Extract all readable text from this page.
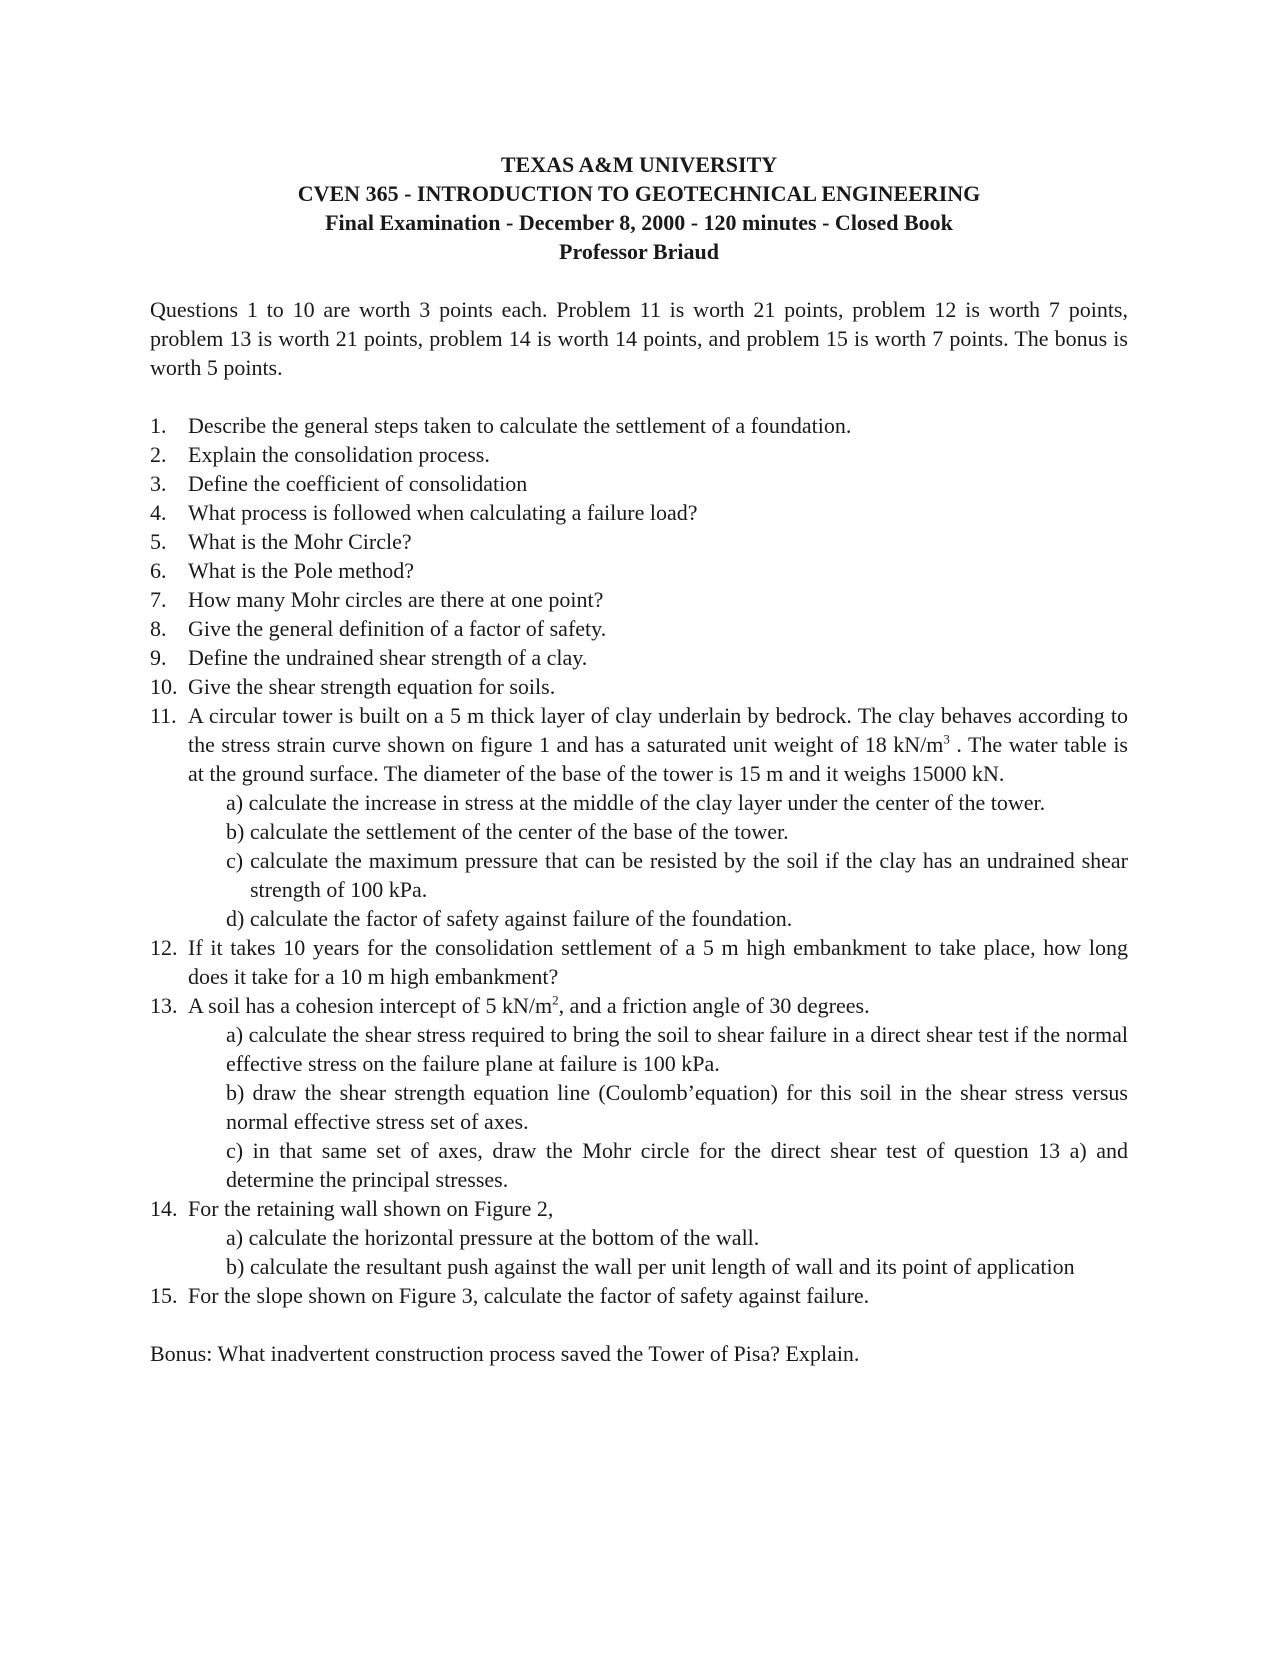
TEXAS A&M UNIVERSITY
CVEN 365 - INTRODUCTION TO GEOTECHNICAL ENGINEERING
Final Examination - December 8, 2000 - 120 minutes - Closed Book
Professor Briaud

Questions 1 to 10 are worth 3 points each. Problem 11 is worth 21 points, problem 12 is worth 7 points, problem 13 is worth 21 points, problem 14 is worth 14 points, and problem 15 is worth 7 points. The bonus is worth 5 points.

1. Describe the general steps taken to calculate the settlement of a foundation.
2. Explain the consolidation process.
3. Define the coefficient of consolidation
4. What process is followed when calculating a failure load?
5. What is the Mohr Circle?
6. What is the Pole method?
7. How many Mohr circles are there at one point?
8. Give the general definition of a factor of safety.
9. Define the undrained shear strength of a clay.
10. Give the shear strength equation for soils.
11. A circular tower is built on a 5 m thick layer of clay underlain by bedrock. The clay behaves according to the stress strain curve shown on figure 1 and has a saturated unit weight of 18 $kN/m^3$ . The water table is at the ground surface. The diameter of the base of the tower is 15 m and it weighs 15000 kN.
a) calculate the increase in stress at the middle of the clay layer under the center of the tower.
b) calculate the settlement of the center of the base of the tower.
c) calculate the maximum pressure that can be resisted by the soil if the clay has an undrained shear strength of 100 kPa.
d) calculate the factor of safety against failure of the foundation.
12. If it takes 10 years for the consolidation settlement of a 5 m high embankment to take place, how long does it take for a 10 m high embankment?
13. A soil has a cohesion intercept of 5 $kN/m^2$, and a friction angle of 30 degrees.
a) calculate the shear stress required to bring the soil to shear failure in a direct shear test if the normal effective stress on the failure plane at failure is 100 kPa.
b) draw the shear strength equation line (Coulomb’equation) for this soil in the shear stress versus normal effective stress set of axes.
c) in that same set of axes, draw the Mohr circle for the direct shear test of question 13 a) and determine the principal stresses.
14. For the retaining wall shown on Figure 2,
a) calculate the horizontal pressure at the bottom of the wall.
b) calculate the resultant push against the wall per unit length of wall and its point of application
15. For the slope shown on Figure 3, calculate the factor of safety against failure.

Bonus: What inadvertent construction process saved the Tower of Pisa? Explain.
